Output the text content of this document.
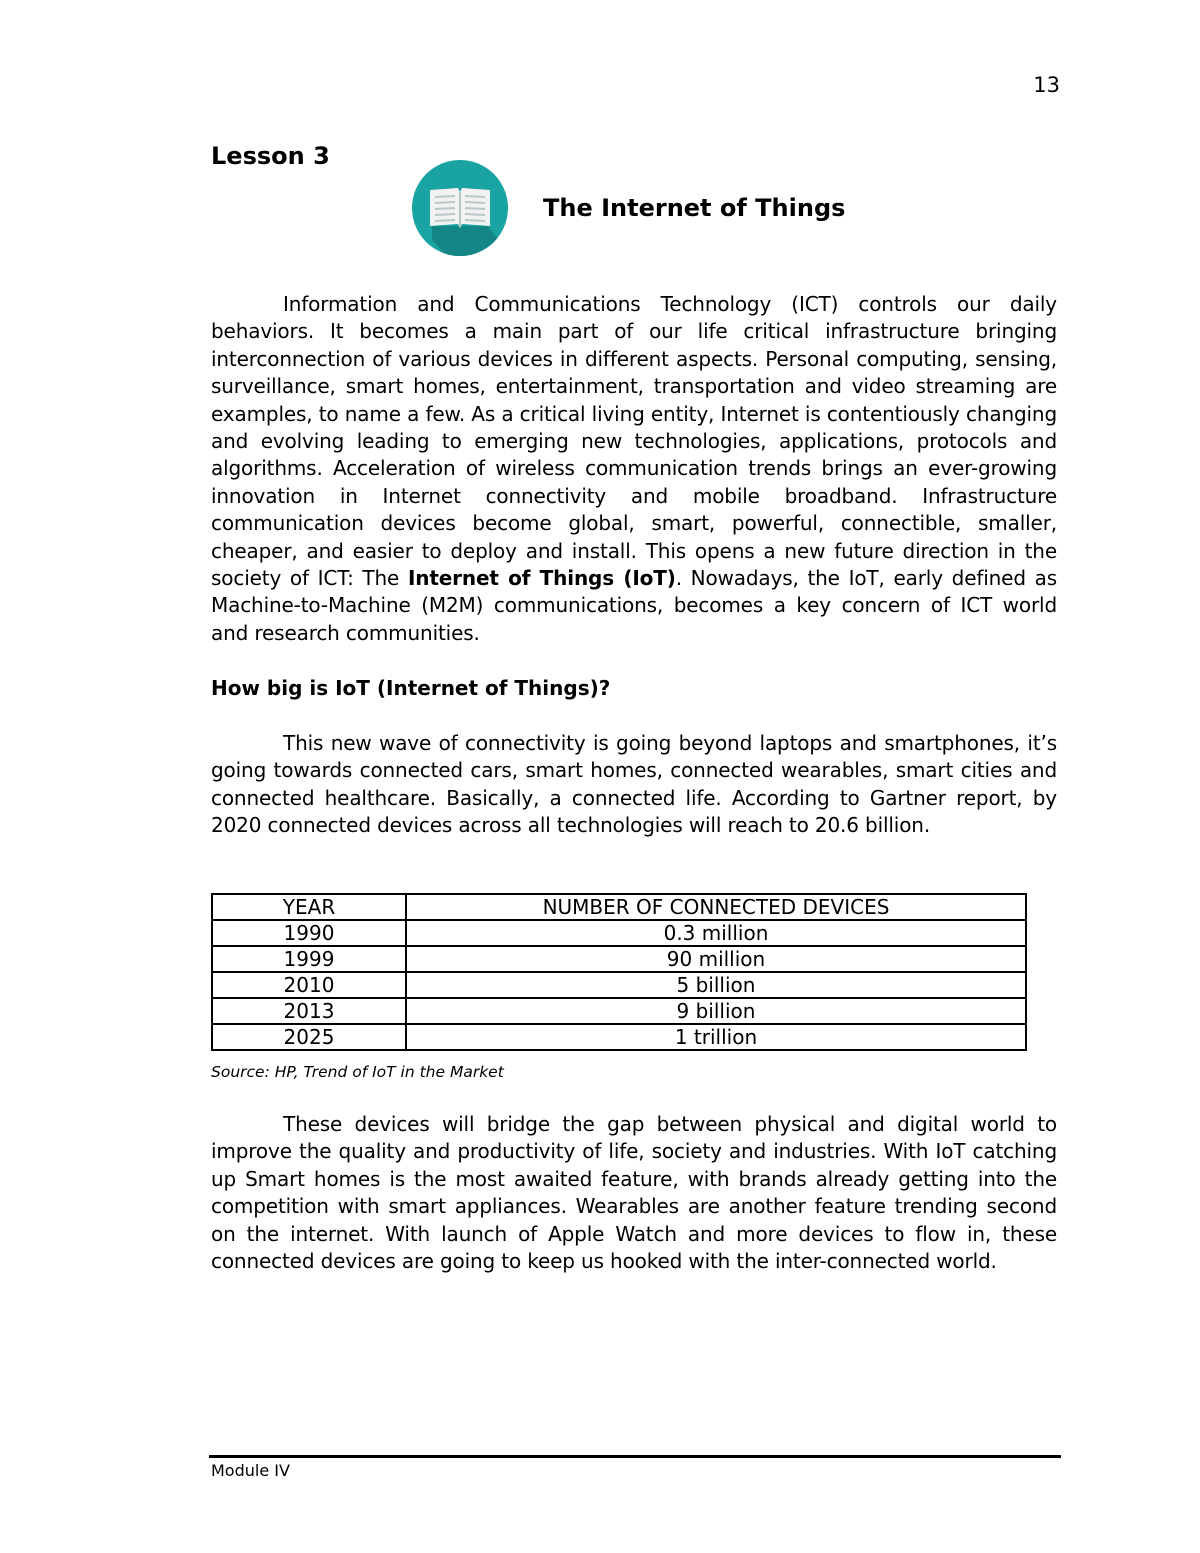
13
Lesson 3
The Internet of Things

Information and Communications Technology (ICT) controls our daily behaviors. It becomes a main part of our life critical infrastructure bringing interconnection of various devices in different aspects. Personal computing, sensing, surveillance, smart homes, entertainment, transportation and video streaming are examples, to name a few. As a critical living entity, Internet is contentiously changing and evolving leading to emerging new technologies, applications, protocols and algorithms. Acceleration of wireless communication trends brings an ever-growing innovation in Internet connectivity and mobile broadband. Infrastructure communication devices become global, smart, powerful, connectible, smaller, cheaper, and easier to deploy and install. This opens a new future direction in the society of ICT: The Internet of Things (IoT). Nowadays, the IoT, early defined as Machine-to-Machine (M2M) communications, becomes a key concern of ICT world and research communities.

How big is IoT (Internet of Things)?

This new wave of connectivity is going beyond laptops and smartphones, it’s going towards connected cars, smart homes, connected wearables, smart cities and connected healthcare. Basically, a connected life. According to Gartner report, by 2020 connected devices across all technologies will reach to 20.6 billion.

YEAR	NUMBER OF CONNECTED DEVICES
1990	0.3 million
1999	90 million
2010	5 billion
2013	9 billion
2025	1 trillion
Source: HP, Trend of IoT in the Market

These devices will bridge the gap between physical and digital world to improve the quality and productivity of life, society and industries. With IoT catching up Smart homes is the most awaited feature, with brands already getting into the competition with smart appliances. Wearables are another feature trending second on the internet. With launch of Apple Watch and more devices to flow in, these connected devices are going to keep us hooked with the inter-connected world.

Module IV
